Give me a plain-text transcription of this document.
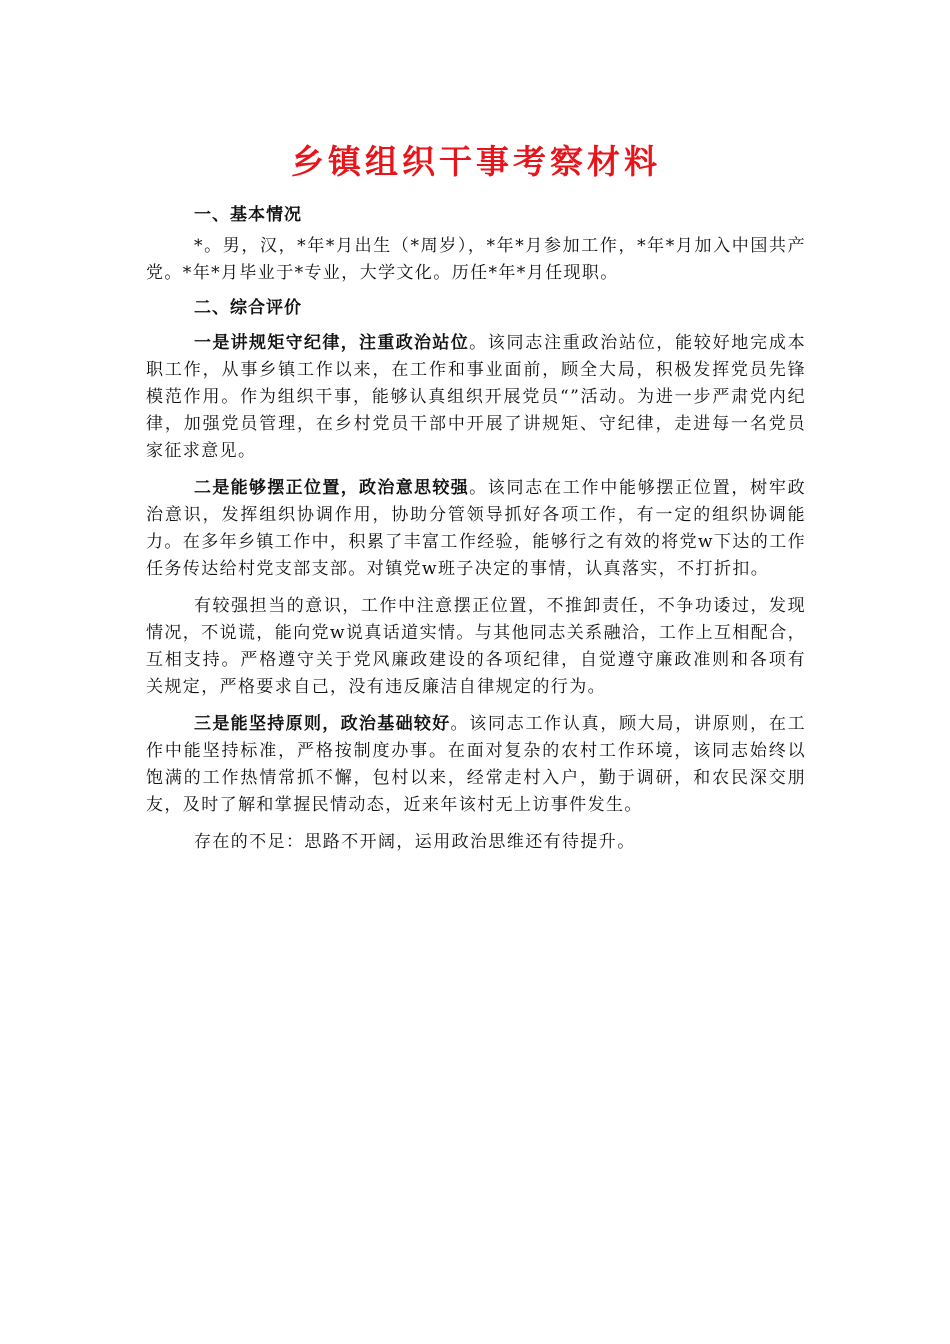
乡镇组织干事考察材料

一、基本情况

*。男，汉，*年*月出生（*周岁），*年*月参加工作，*年*月加入中国共产党。*年*月毕业于*专业，大学文化。历任*年*月任现职。

二、综合评价

一是讲规矩守纪律，注重政治站位。该同志注重政治站位，能较好地完成本职工作，从事乡镇工作以来，在工作和事业面前，顾全大局，积极发挥党员先锋模范作用。作为组织干事，能够认真组织开展党员“”活动。为进一步严肃党内纪律，加强党员管理，在乡村党员干部中开展了讲规矩、守纪律，走进每一名党员家征求意见。

二是能够摆正位置，政治意思较强。该同志在工作中能够摆正位置，树牢政治意识，发挥组织协调作用，协助分管领导抓好各项工作，有一定的组织协调能力。在多年乡镇工作中，积累了丰富工作经验，能够行之有效的将党w下达的工作任务传达给村党支部支部。对镇党w班子决定的事情，认真落实，不打折扣。

有较强担当的意识，工作中注意摆正位置，不推卸责任，不争功诿过，发现情况，不说谎，能向党w说真话道实情。与其他同志关系融洽，工作上互相配合，互相支持。严格遵守关于党风廉政建设的各项纪律，自觉遵守廉政准则和各项有关规定，严格要求自己，没有违反廉洁自律规定的行为。

三是能坚持原则，政治基础较好。该同志工作认真，顾大局，讲原则，在工作中能坚持标准，严格按制度办事。在面对复杂的农村工作环境，该同志始终以饱满的工作热情常抓不懈，包村以来，经常走村入户，勤于调研，和农民深交朋友，及时了解和掌握民情动态，近来年该村无上访事件发生。

存在的不足：思路不开阔，运用政治思维还有待提升。
